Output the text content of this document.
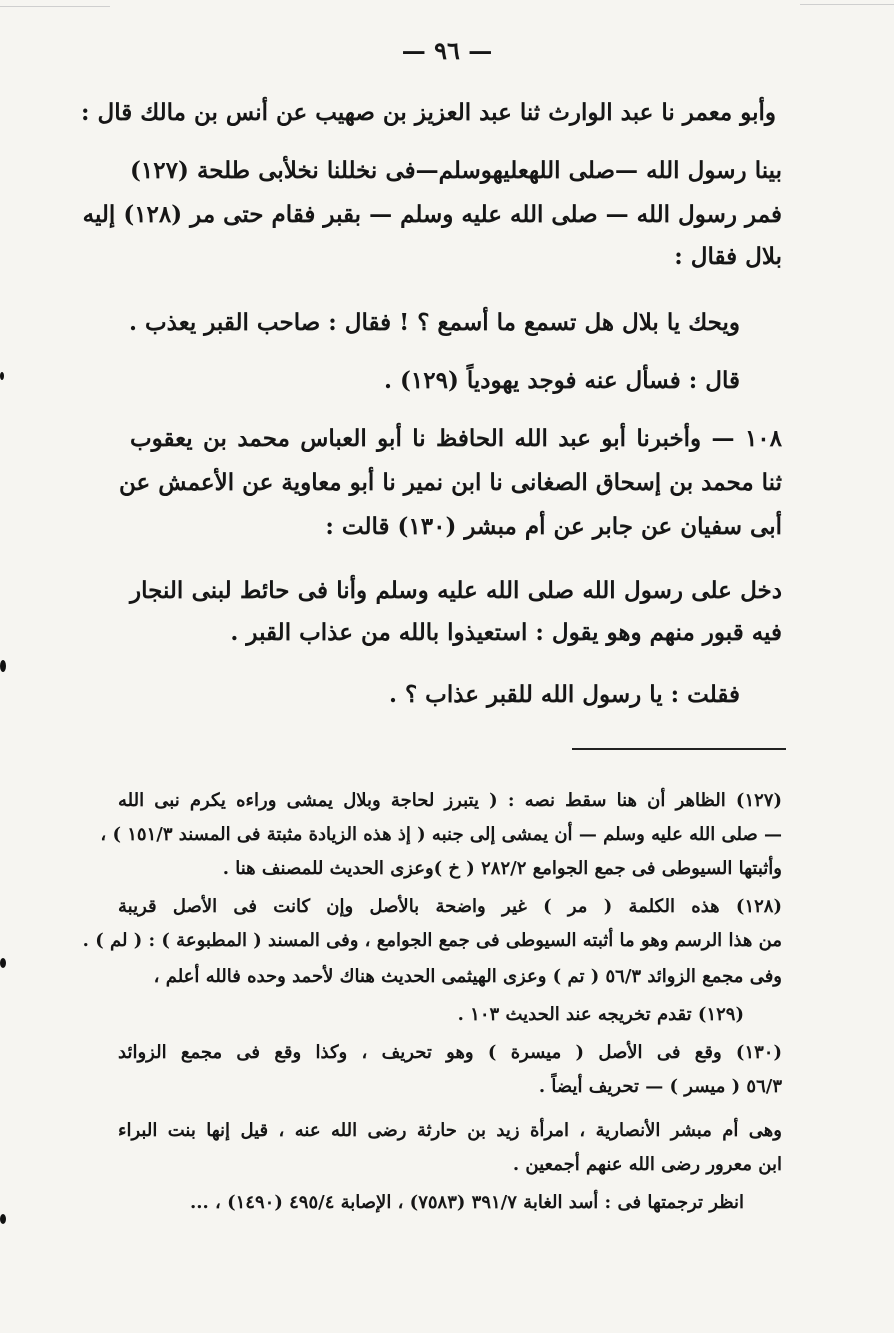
— ٩٦ —
وأبو معمر نا عبد الوارث ثنا عبد العزيز بن صهيب عن أنس بن مالك قال :
بينا رسول الله —صلى اللهعليهوسلم—فى نخللنا نخلأبى طلحة (١٢٧)
فمر رسول الله — صلى الله عليه وسلم — بقبر فقام حتى مر (١٢٨) إليه
بلال فقال :
ويحك يا بلال هل تسمع ما أسمع ؟ ! فقال : صاحب القبر يعذب .
قال : فسأل عنه فوجد يهودياً (١٢٩) .
١٠٨ — وأخبرنا أبو عبد الله الحافظ نا أبو العباس محمد بن يعقوب
ثنا محمد بن إسحاق الصغانى نا ابن نمير نا أبو معاوية عن الأعمش عن
أبى سفيان عن جابر عن أم مبشر (١٣٠) قالت :
دخل على رسول الله صلى الله عليه وسلم وأنا فى حائط لبنى النجار
فيه قبور منهم وهو يقول : استعيذوا بالله من عذاب القبر .
فقلت : يا رسول الله للقبر عذاب ؟ .
(١٢٧) الظاهر أن هنا سقط نصه : ( يتبرز لحاجة وبلال يمشى وراءه يكرم نبى الله
— صلى الله عليه وسلم — أن يمشى إلى جنبه ( إذ هذه الزيادة مثبتة فى المسند ١٥١/٣ ) ،
وأثبتها السيوطى فى جمع الجوامع ٢٨٢/٢ ( خ )وعزى الحديث للمصنف هنا .
(١٢٨) هذه الكلمة ( مر ) غير واضحة بالأصل وإن كانت فى الأصل قريبة
من هذا الرسم وهو ما أثبته السيوطى فى جمع الجوامع ، وفى المسند ( المطبوعة ) : ( لم ) .
وفى مجمع الزوائد ٥٦/٣ ( تم ) وعزى الهيثمى الحديث هناك لأحمد وحده فالله أعلم ،
(١٢٩) تقدم تخريجه عند الحديث ١٠٣ .
(١٣٠) وقع فى الأصل ( ميسرة ) وهو تحريف ، وكذا وقع فى مجمع الزوائد
٥٦/٣ ( ميسر ) — تحريف أيضاً .
وهى أم مبشر الأنصارية ، امرأة زيد بن حارثة رضى الله عنه ، قيل إنها بنت البراء
ابن معرور رضى الله عنهم أجمعين .
انظر ترجمتها فى : أسد الغابة ٣٩١/٧ (٧٥٨٣) ، الإصابة ٤٩٥/٤ (١٤٩٠) ، ...
